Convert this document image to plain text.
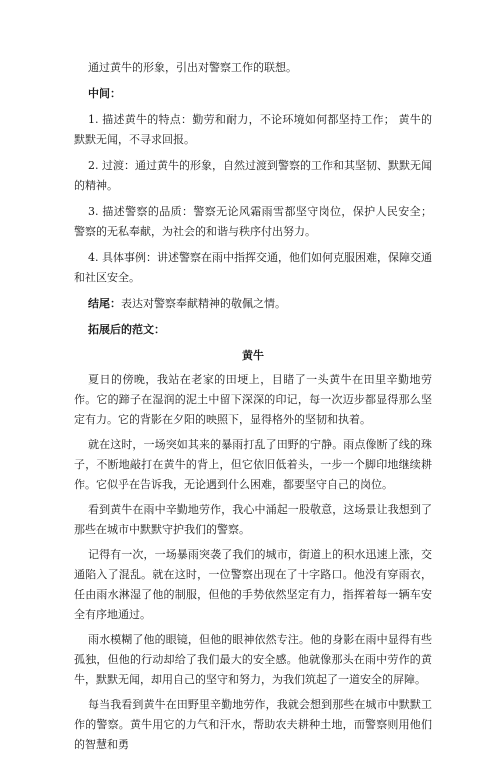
通过黄牛的形象，引出对警察工作的联想。

中间：

1. 描述黄牛的特点：勤劳和耐力，不论环境如何都坚持工作； 黄牛的默默无闻，不寻求回报。

2. 过渡：通过黄牛的形象，自然过渡到警察的工作和其坚韧、默默无闻的精神。

3. 描述警察的品质：警察无论风霜雨雪都坚守岗位，保护人民安全； 警察的无私奉献，为社会的和谐与秩序付出努力。

4. 具体事例：讲述警察在雨中指挥交通，他们如何克服困难，保障交通和社区安全。

结尾：表达对警察奉献精神的敬佩之情。

拓展后的范文：

黄牛

夏日的傍晚，我站在老家的田埂上，目睹了一头黄牛在田里辛勤地劳作。它的蹄子在湿润的泥土中留下深深的印记，每一次迈步都显得那么坚定有力。它的背影在夕阳的映照下，显得格外的坚韧和执着。

就在这时，一场突如其来的暴雨打乱了田野的宁静。雨点像断了线的珠子，不断地敲打在黄牛的背上，但它依旧低着头，一步一个脚印地继续耕作。它似乎在告诉我，无论遇到什么困难，都要坚守自己的岗位。

看到黄牛在雨中辛勤地劳作，我心中涌起一股敬意，这场景让我想到了那些在城市中默默守护我们的警察。

记得有一次，一场暴雨突袭了我们的城市，街道上的积水迅速上涨，交通陷入了混乱。就在这时，一位警察出现在了十字路口。他没有穿雨衣，任由雨水淋湿了他的制服，但他的手势依然坚定有力，指挥着每一辆车安全有序地通过。

雨水模糊了他的眼镜，但他的眼神依然专注。他的身影在雨中显得有些孤独，但他的行动却给了我们最大的安全感。他就像那头在雨中劳作的黄牛，默默无闻，却用自己的坚守和努力，为我们筑起了一道安全的屏障。

每当我看到黄牛在田野里辛勤地劳作，我就会想到那些在城市中默默工作的警察。黄牛用它的力气和汗水，帮助农夫耕种土地，而警察则用他们的智慧和勇
